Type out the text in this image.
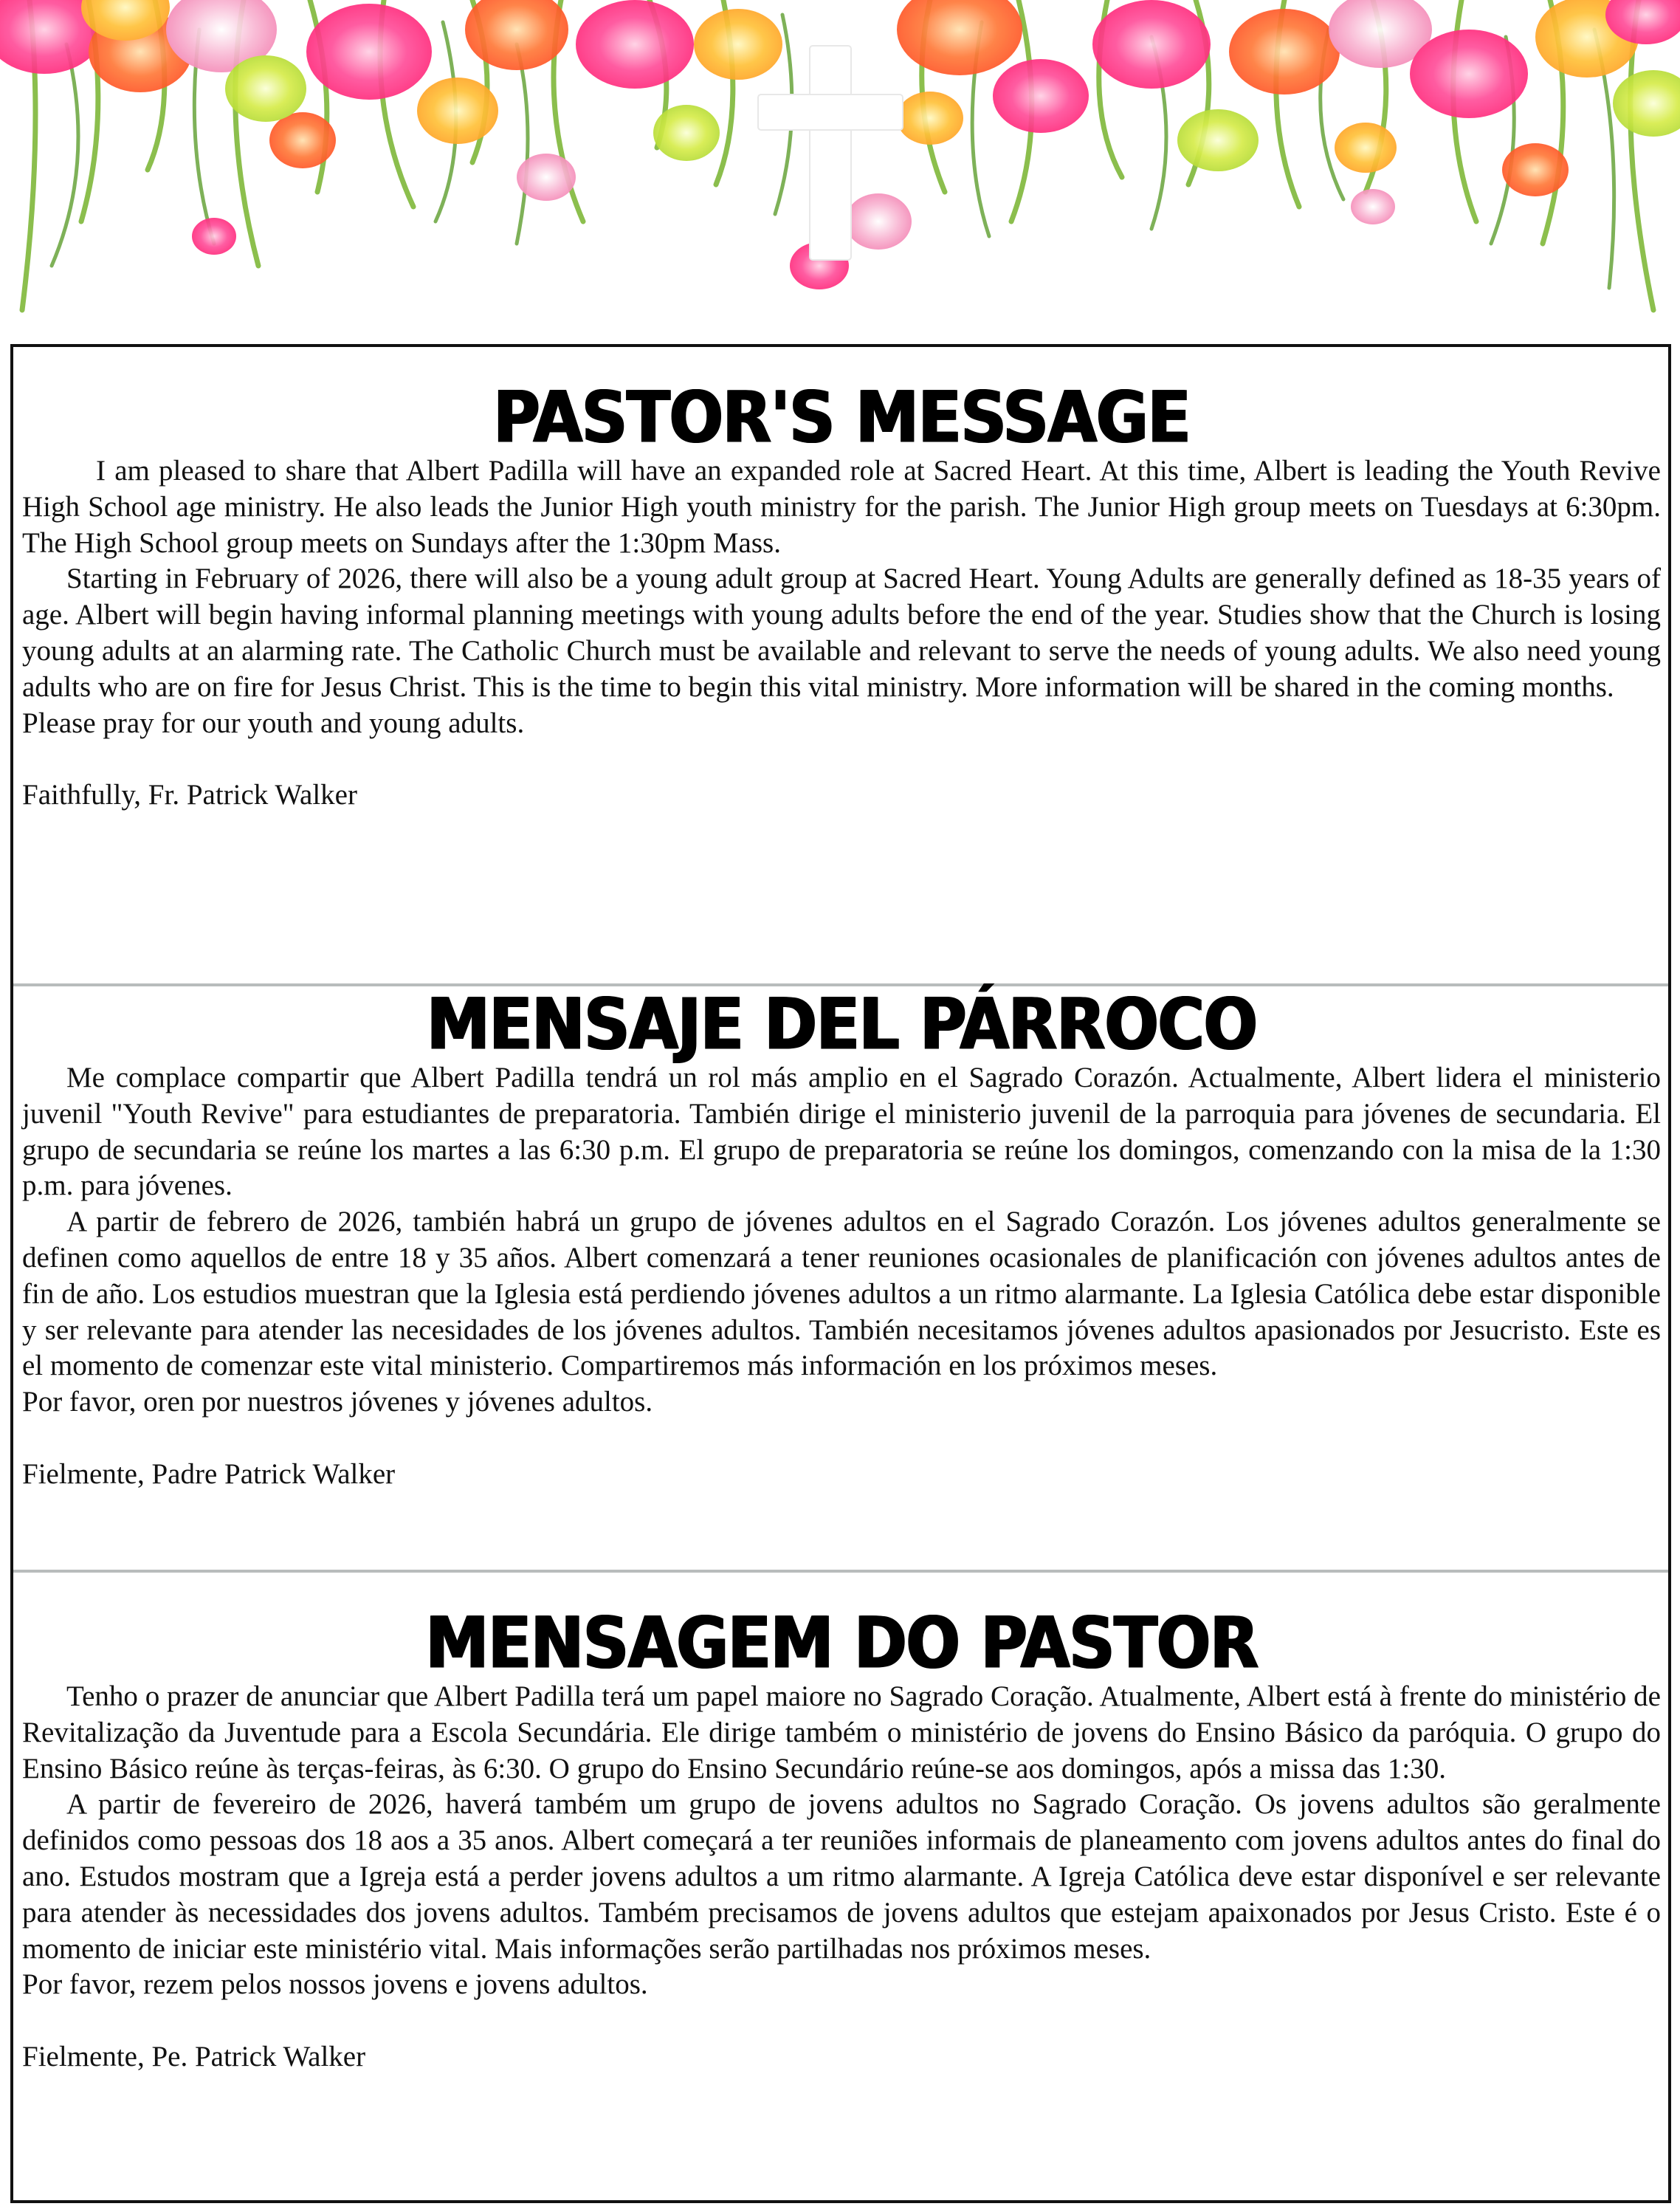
PASTOR'S MESSAGE

I am pleased to share that Albert Padilla will have an expanded role at Sacred Heart. At this time, Albert is leading the Youth Revive High School age ministry. He also leads the Junior High youth ministry for the parish. The Junior High group meets on Tuesdays at 6:30pm. The High School group meets on Sundays after the 1:30pm Mass.

Starting in February of 2026, there will also be a young adult group at Sacred Heart. Young Adults are generally defined as 18-35 years of age. Albert will begin having informal planning meetings with young adults before the end of the year. Studies show that the Church is losing young adults at an alarming rate. The Catholic Church must be available and relevant to serve the needs of young adults. We also need young adults who are on fire for Jesus Christ. This is the time to begin this vital ministry. More information will be shared in the coming months.

Please pray for our youth and young adults.

Faithfully, Fr. Patrick Walker

MENSAJE DEL PÁRROCO

Me complace compartir que Albert Padilla tendrá un rol más amplio en el Sagrado Corazón. Actualmente, Albert lidera el ministerio juvenil "Youth Revive" para estudiantes de preparatoria. También dirige el ministerio juvenil de la parroquia para jóvenes de secundaria. El grupo de secundaria se reúne los martes a las 6:30 p.m. El grupo de preparatoria se reúne los domingos, comenzando con la misa de la 1:30 p.m. para jóvenes.

A partir de febrero de 2026, también habrá un grupo de jóvenes adultos en el Sagrado Corazón. Los jóvenes adultos generalmente se definen como aquellos de entre 18 y 35 años. Albert comenzará a tener reuniones ocasionales de planificación con jóvenes adultos antes de fin de año. Los estudios muestran que la Iglesia está perdiendo jóvenes adultos a un ritmo alarmante. La Iglesia Católica debe estar disponible y ser relevante para atender las necesidades de los jóvenes adultos. También necesitamos jóvenes adultos apasionados por Jesucristo. Este es el momento de comenzar este vital ministerio. Compartiremos más información en los próximos meses.

Por favor, oren por nuestros jóvenes y jóvenes adultos.

Fielmente, Padre Patrick Walker

MENSAGEM DO PASTOR

Tenho o prazer de anunciar que Albert Padilla terá um papel maiore no Sagrado Coração. Atualmente, Albert está à frente do ministério de Revitalização da Juventude para a Escola Secundária. Ele dirige também o ministério de jovens do Ensino Básico da paróquia. O grupo do Ensino Básico reúne às terças-feiras, às 6:30. O grupo do Ensino Secundário reúne-se aos domingos, após a missa das 1:30.

A partir de fevereiro de 2026, haverá também um grupo de jovens adultos no Sagrado Coração. Os jovens adultos são geralmente definidos como pessoas dos 18 aos a 35 anos. Albert começará a ter reuniões informais de planeamento com jovens adultos antes do final do ano. Estudos mostram que a Igreja está a perder jovens adultos a um ritmo alarmante. A Igreja Católica deve estar disponível e ser relevante para atender às necessidades dos jovens adultos. Também precisamos de jovens adultos que estejam apaixonados por Jesus Cristo. Este é o momento de iniciar este ministério vital. Mais informações serão partilhadas nos próximos meses.

Por favor, rezem pelos nossos jovens e jovens adultos.

Fielmente, Pe. Patrick Walker
